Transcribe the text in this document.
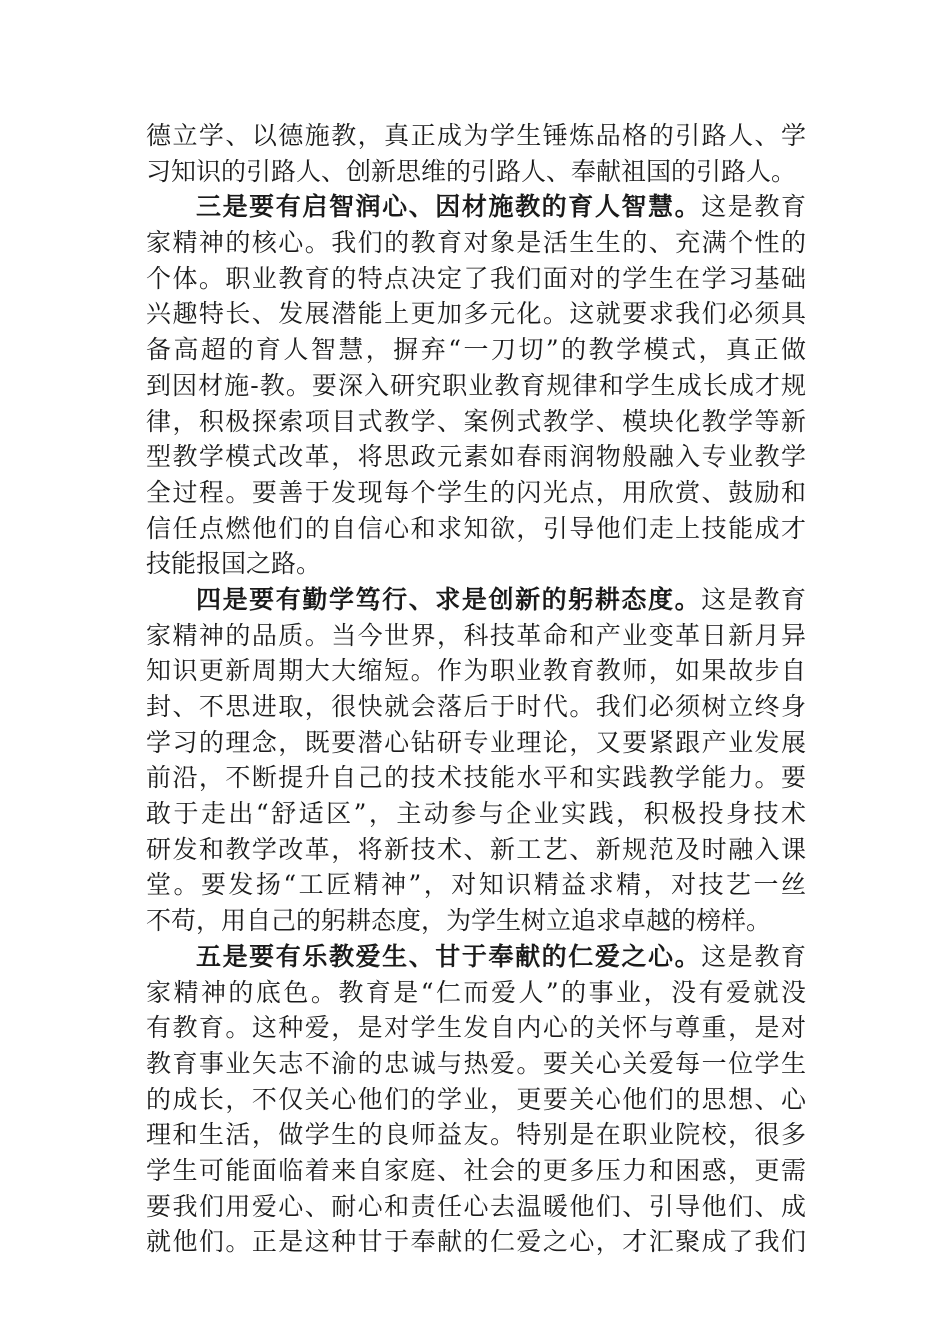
德立学、以德施教，真正成为学生锤炼品格的引路人、学
习知识的引路人、创新思维的引路人、奉献祖国的引路人。
三是要有启智润心、因材施教的育人智慧。这是教育
家精神的核心。我们的教育对象是活生生的、充满个性的
个体。职业教育的特点决定了我们面对的学生在学习基础
兴趣特长、发展潜能上更加多元化。这就要求我们必须具
备高超的育人智慧，摒弃“一刀切”的教学模式，真正做
到因材施-教。要深入研究职业教育规律和学生成长成才规
律，积极探索项目式教学、案例式教学、模块化教学等新
型教学模式改革，将思政元素如春雨润物般融入专业教学
全过程。要善于发现每个学生的闪光点，用欣赏、鼓励和
信任点燃他们的自信心和求知欲，引导他们走上技能成才
技能报国之路。
四是要有勤学笃行、求是创新的躬耕态度。这是教育
家精神的品质。当今世界，科技革命和产业变革日新月异
知识更新周期大大缩短。作为职业教育教师，如果故步自
封、不思进取，很快就会落后于时代。我们必须树立终身
学习的理念，既要潜心钻研专业理论，又要紧跟产业发展
前沿，不断提升自己的技术技能水平和实践教学能力。要
敢于走出“舒适区”，主动参与企业实践，积极投身技术
研发和教学改革，将新技术、新工艺、新规范及时融入课
堂。要发扬“工匠精神”，对知识精益求精，对技艺一丝
不苟，用自己的躬耕态度，为学生树立追求卓越的榜样。
五是要有乐教爱生、甘于奉献的仁爱之心。这是教育
家精神的底色。教育是“仁而爱人”的事业，没有爱就没
有教育。这种爱，是对学生发自内心的关怀与尊重，是对
教育事业矢志不渝的忠诚与热爱。要关心关爱每一位学生
的成长，不仅关心他们的学业，更要关心他们的思想、心
理和生活，做学生的良师益友。特别是在职业院校，很多
学生可能面临着来自家庭、社会的更多压力和困惑，更需
要我们用爱心、耐心和责任心去温暖他们、引导他们、成
就他们。正是这种甘于奉献的仁爱之心，才汇聚成了我们
